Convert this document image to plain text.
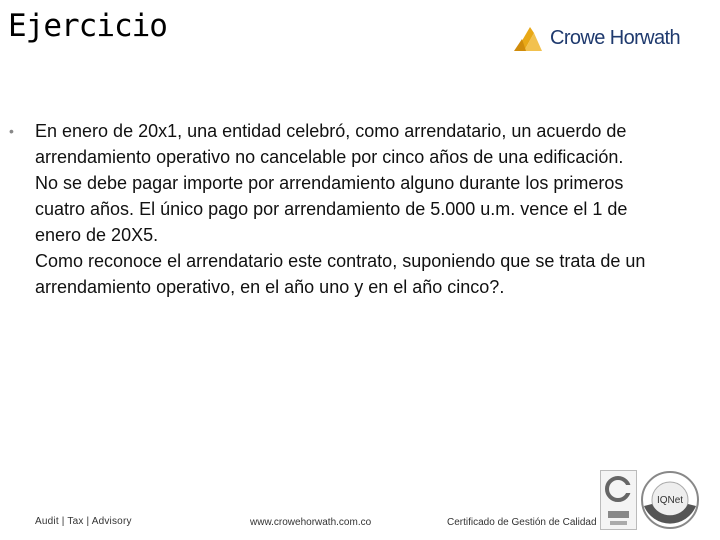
Ejercicio	Crowe Horwath
•	En enero de 20x1, una entidad celebró, como arrendatario, un acuerdo de arrendamiento operativo no cancelable por cinco años de una edificación.

No se debe pagar importe por arrendamiento alguno durante los primeros cuatro años. El único pago por arrendamiento de 5.000 u.m. vence el 1 de enero de 20X5.

Como reconoce el arrendatario este contrato, suponiendo que se trata de un arrendamiento operativo, en el año uno y en el año cinco?.

Audit | Tax | Advisory	www.crowehorwath.com.co	Certificado de Gestión de Calidad
IQNet
